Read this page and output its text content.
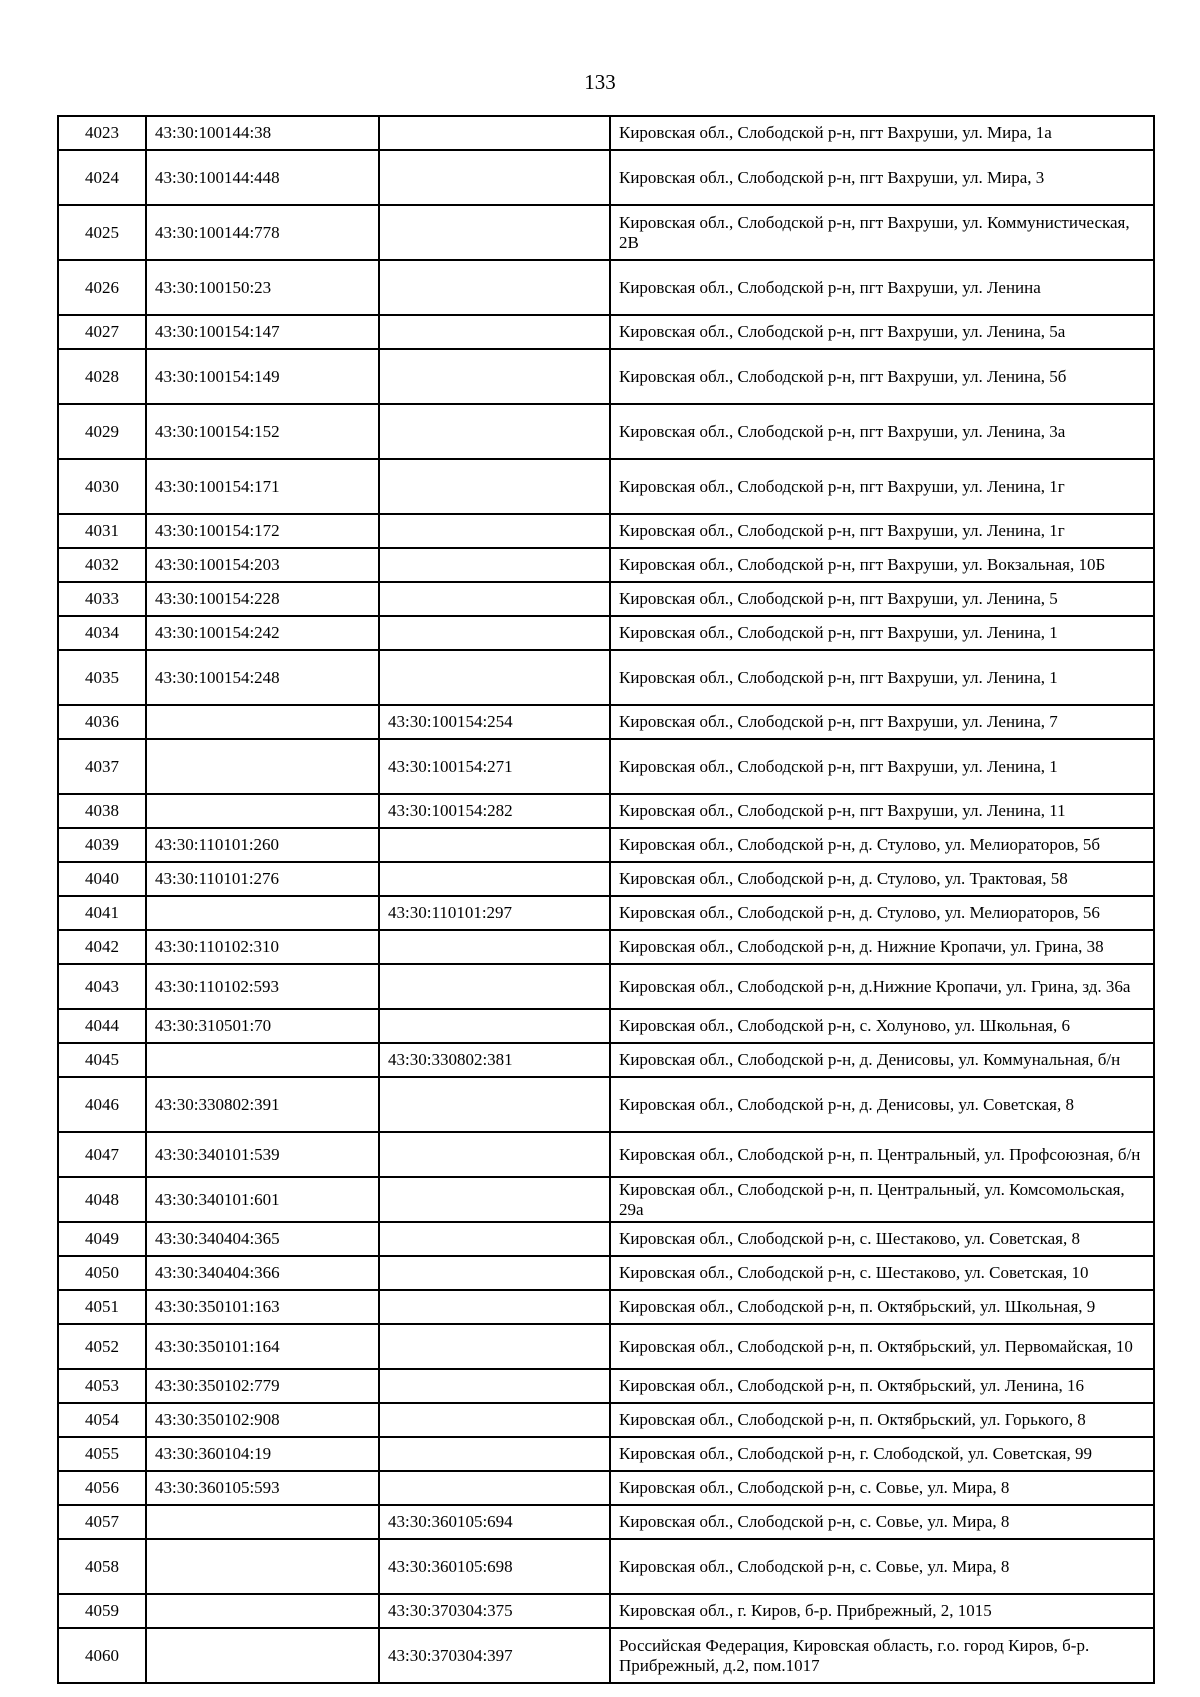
133
4023	43:30:100144:38		Кировская обл., Слободской р-н, пгт Вахруши, ул. Мира, 1а
4024	43:30:100144:448		Кировская обл., Слободской р-н, пгт Вахруши, ул. Мира, 3
4025	43:30:100144:778		Кировская обл., Слободской р-н, пгт Вахруши, ул. Коммунистическая, 2В
4026	43:30:100150:23		Кировская обл., Слободской р-н, пгт Вахруши, ул. Ленина
4027	43:30:100154:147		Кировская обл., Слободской р-н, пгт Вахруши, ул. Ленина, 5а
4028	43:30:100154:149		Кировская обл., Слободской р-н, пгт Вахруши, ул. Ленина, 5б
4029	43:30:100154:152		Кировская обл., Слободской р-н, пгт Вахруши, ул. Ленина, 3а
4030	43:30:100154:171		Кировская обл., Слободской р-н, пгт Вахруши, ул. Ленина, 1г
4031	43:30:100154:172		Кировская обл., Слободской р-н, пгт Вахруши, ул. Ленина, 1г
4032	43:30:100154:203		Кировская обл., Слободской р-н, пгт Вахруши, ул. Вокзальная, 10Б
4033	43:30:100154:228		Кировская обл., Слободской р-н, пгт Вахруши, ул. Ленина, 5
4034	43:30:100154:242		Кировская обл., Слободской р-н, пгт Вахруши, ул. Ленина, 1
4035	43:30:100154:248		Кировская обл., Слободской р-н, пгт Вахруши, ул. Ленина, 1
4036		43:30:100154:254	Кировская обл., Слободской р-н, пгт Вахруши, ул. Ленина, 7
4037		43:30:100154:271	Кировская обл., Слободской р-н, пгт Вахруши, ул. Ленина, 1
4038		43:30:100154:282	Кировская обл., Слободской р-н, пгт Вахруши, ул. Ленина, 11
4039	43:30:110101:260		Кировская обл., Слободской р-н, д. Стулово, ул. Мелиораторов, 5б
4040	43:30:110101:276		Кировская обл., Слободской р-н, д. Стулово, ул. Трактовая, 58
4041		43:30:110101:297	Кировская обл., Слободской р-н, д. Стулово, ул. Мелиораторов, 56
4042	43:30:110102:310		Кировская обл., Слободской р-н, д. Нижние Кропачи, ул. Грина, 38
4043	43:30:110102:593		Кировская обл., Слободской р-н, д.Нижние Кропачи, ул. Грина, зд. 36а
4044	43:30:310501:70		Кировская обл., Слободской р-н, с. Холуново, ул. Школьная, 6
4045		43:30:330802:381	Кировская обл., Слободской р-н, д. Денисовы, ул. Коммунальная, б/н
4046	43:30:330802:391		Кировская обл., Слободской р-н, д. Денисовы, ул. Советская, 8
4047	43:30:340101:539		Кировская обл., Слободской р-н, п. Центральный, ул. Профсоюзная, б/н
4048	43:30:340101:601		Кировская обл., Слободской р-н, п. Центральный, ул. Комсомольская, 29а
4049	43:30:340404:365		Кировская обл., Слободской р-н, с. Шестаково, ул. Советская, 8
4050	43:30:340404:366		Кировская обл., Слободской р-н, с. Шестаково, ул. Советская, 10
4051	43:30:350101:163		Кировская обл., Слободской р-н, п. Октябрьский, ул. Школьная, 9
4052	43:30:350101:164		Кировская обл., Слободской р-н, п. Октябрьский, ул. Первомайская, 10
4053	43:30:350102:779		Кировская обл., Слободской р-н, п. Октябрьский, ул. Ленина, 16
4054	43:30:350102:908		Кировская обл., Слободской р-н, п. Октябрьский, ул. Горького, 8
4055	43:30:360104:19		Кировская обл., Слободской р-н, г. Слободской, ул. Советская, 99
4056	43:30:360105:593		Кировская обл., Слободской р-н, с. Совье, ул. Мира, 8
4057		43:30:360105:694	Кировская обл., Слободской р-н, с. Совье, ул. Мира, 8
4058		43:30:360105:698	Кировская обл., Слободской р-н, с. Совье, ул. Мира, 8
4059		43:30:370304:375	Кировская обл., г. Киров, б-р. Прибрежный, 2, 1015
4060		43:30:370304:397	Российская Федерация, Кировская область, г.о. город Киров, б-р. Прибрежный, д.2, пом.1017
